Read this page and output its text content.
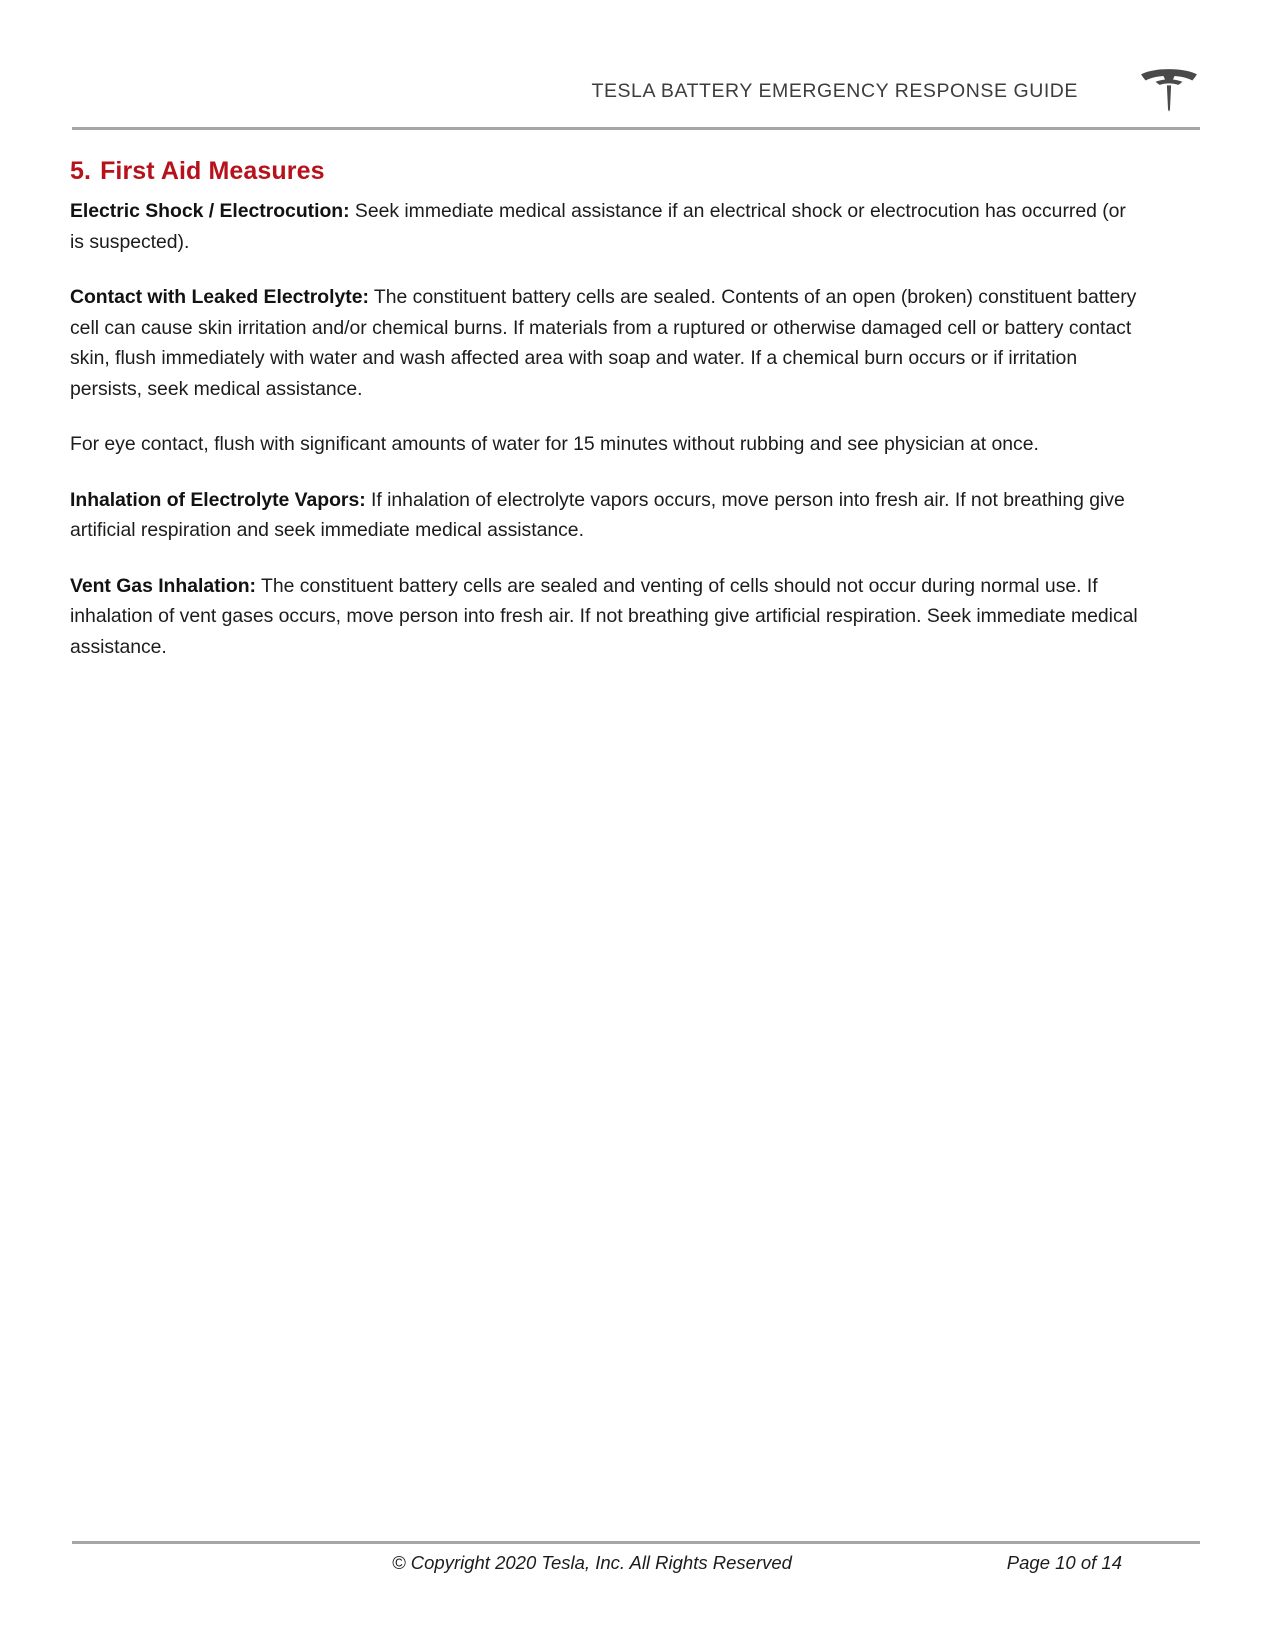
TESLA BATTERY EMERGENCY RESPONSE GUIDE
5. First Aid Measures

Electric Shock / Electrocution: Seek immediate medical assistance if an electrical shock or electrocution has occurred (or is suspected).

Contact with Leaked Electrolyte: The constituent battery cells are sealed. Contents of an open (broken) constituent battery cell can cause skin irritation and/or chemical burns. If materials from a ruptured or otherwise damaged cell or battery contact skin, flush immediately with water and wash affected area with soap and water. If a chemical burn occurs or if irritation persists, seek medical assistance.

For eye contact, flush with significant amounts of water for 15 minutes without rubbing and see physician at once.

Inhalation of Electrolyte Vapors: If inhalation of electrolyte vapors occurs, move person into fresh air. If not breathing give artificial respiration and seek immediate medical assistance.

Vent Gas Inhalation: The constituent battery cells are sealed and venting of cells should not occur during normal use. If inhalation of vent gases occurs, move person into fresh air. If not breathing give artificial respiration. Seek immediate medical assistance.

© Copyright 2020 Tesla, Inc. All Rights Reserved	Page 10 of 14
